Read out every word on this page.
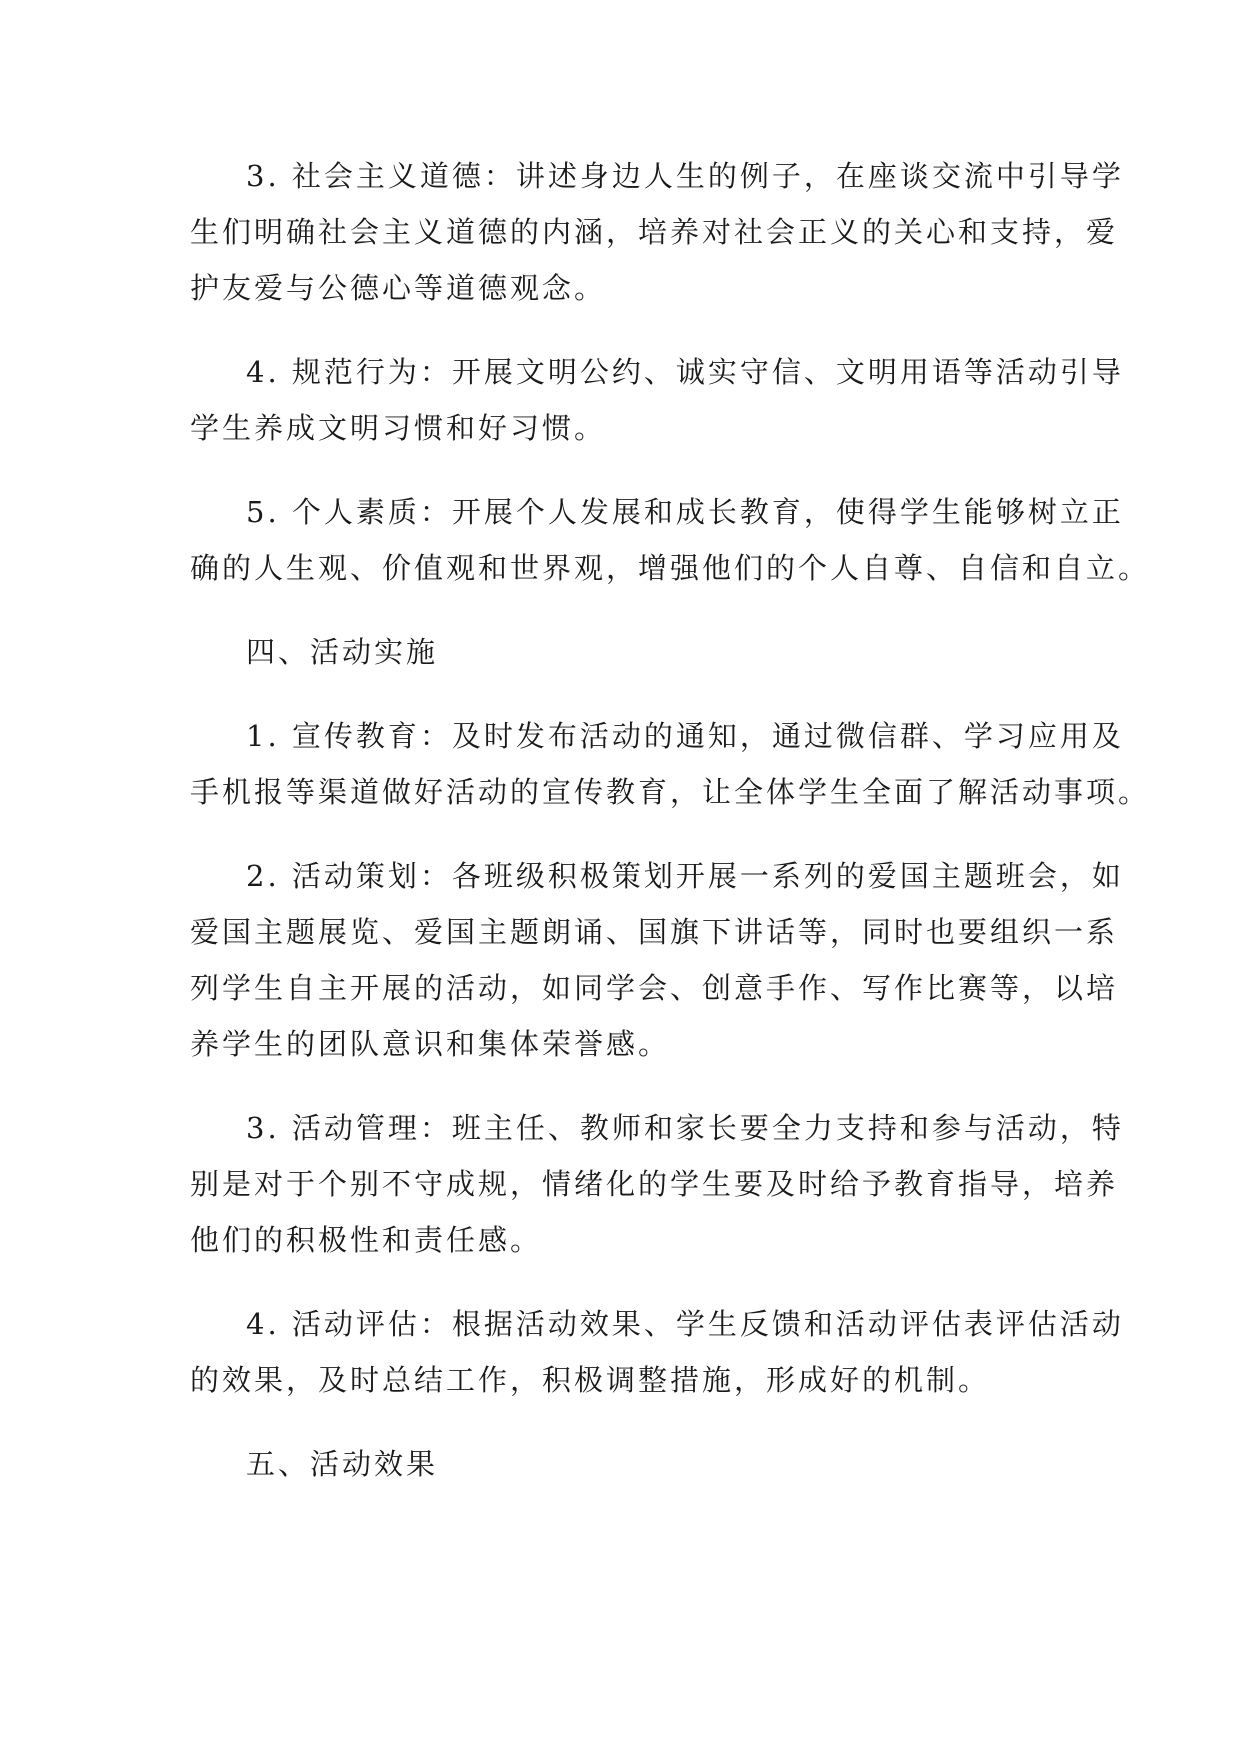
3. 社会主义道德：讲述身边人生的例子，在座谈交流中引导学
生们明确社会主义道德的内涵，培养对社会正义的关心和支持，爱
护友爱与公德心等道德观念。

4. 规范行为：开展文明公约、诚实守信、文明用语等活动引导
学生养成文明习惯和好习惯。

5. 个人素质：开展个人发展和成长教育，使得学生能够树立正
确的人生观、价值观和世界观，增强他们的个人自尊、自信和自立。

四、活动实施

1. 宣传教育：及时发布活动的通知，通过微信群、学习应用及
手机报等渠道做好活动的宣传教育，让全体学生全面了解活动事项。

2. 活动策划：各班级积极策划开展一系列的爱国主题班会，如
爱国主题展览、爱国主题朗诵、国旗下讲话等，同时也要组织一系
列学生自主开展的活动，如同学会、创意手作、写作比赛等，以培
养学生的团队意识和集体荣誉感。

3. 活动管理：班主任、教师和家长要全力支持和参与活动，特
别是对于个别不守成规，情绪化的学生要及时给予教育指导，培养
他们的积极性和责任感。

4. 活动评估：根据活动效果、学生反馈和活动评估表评估活动
的效果，及时总结工作，积极调整措施，形成好的机制。

五、活动效果
